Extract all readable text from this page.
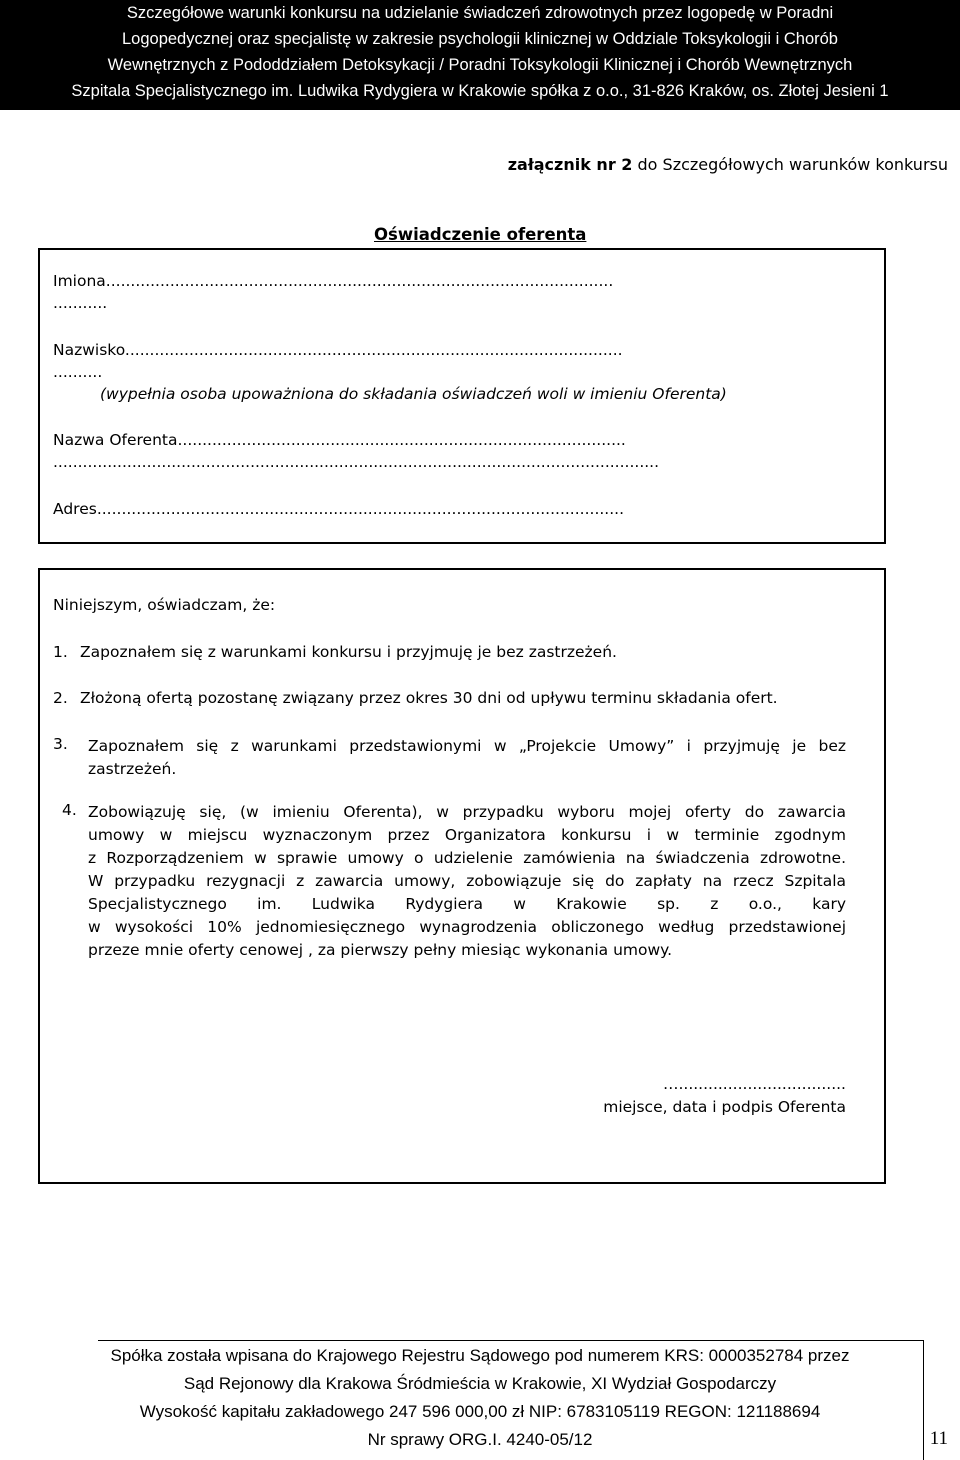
Szczegółowe warunki konkursu na udzielanie świadczeń zdrowotnych przez logopedę w Poradni
Logopedycznej oraz specjalistę w zakresie psychologii klinicznej w Oddziale Toksykologii i Chorób
Wewnętrznych z Pododdziałem Detoksykacji / Poradni Toksykologii Klinicznej i Chorób Wewnętrznych
Szpitala Specjalistycznego im. Ludwika Rydygiera w Krakowie spółka z o.o., 31-826 Kraków, os. Złotej Jesieni 1
załącznik nr 2 do Szczegółowych warunków konkursu
Oświadczenie oferenta
Imiona.......................................................................................................
...........
Nazwisko.....................................................................................................
..........
(wypełnia osoba upoważniona do składania oświadczeń woli w imieniu Oferenta)
Nazwa Oferenta...........................................................................................
...........................................................................................................................
Adres...........................................................................................................
Niniejszym, oświadczam, że:
1. Zapoznałem się z warunkami konkursu i przyjmuję je bez zastrzeżeń.
2. Złożoną ofertą pozostanę związany przez okres 30 dni od upływu terminu składania ofert.
3. Zapoznałem się z warunkami przedstawionymi w „Projekcie Umowy” i przyjmuję je bez
zastrzeżeń.
4. Zobowiązuję się, (w imieniu Oferenta), w przypadku wyboru mojej oferty do zawarcia
umowy w miejscu wyznaczonym przez Organizatora konkursu i w terminie zgodnym
z Rozporządzeniem w sprawie umowy o udzielenie zamówienia na świadczenia zdrowotne.
W przypadku rezygnacji z zawarcia umowy, zobowiązuje się do zapłaty na rzecz Szpitala
Specjalistycznego im. Ludwika Rydygiera w Krakowie sp. z o.o., kary
w wysokości 10% jednomiesięcznego wynagrodzenia obliczonego według przedstawionej
przeze mnie oferty cenowej , za pierwszy pełny miesiąc wykonania umowy.
…..................................
miejsce, data i podpis Oferenta
Spółka została wpisana do Krajowego Rejestru Sądowego pod numerem KRS: 0000352784 przez
Sąd Rejonowy dla Krakowa Śródmieścia w Krakowie, XI Wydział Gospodarczy
Wysokość kapitału zakładowego 247 596 000,00 zł NIP: 6783105119 REGON: 121188694
Nr sprawy ORG.I. 4240-05/12	11
